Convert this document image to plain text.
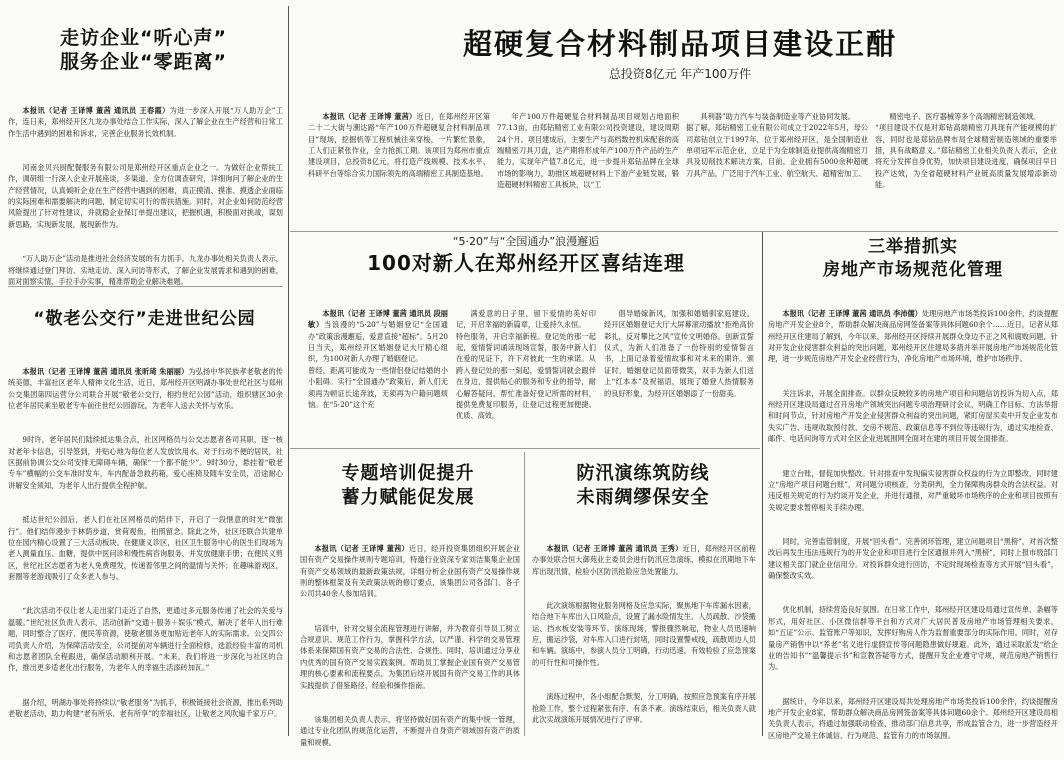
走访企业“听心声”
服务企业“零距离”

本报讯（记者 王译博 董茜 通讯员 王春霞）为进一步深入开展“万人助万企”工作，连日来，郑州经开区九龙办事处结合工作实际，深入了解企业在生产经营和日常工作生活中遇到的困难和诉求，完善企业服务长效机制。

河南金贝兴厨配餐服务有限公司是郑州经开区重点企业之一。为做好企业帮扶工作，调研组一行深入企业开展座谈，多渠道、全方位调查研究，详细询问了解企业的生产经营情况，认真倾听企业在生产经营中遇到的困难，真正摸清、摸准、摸透企业面临的实际困难和需要解决的问题，制定切实可行的帮扶措施。同时，对企业如何防范经营风险提出了针对性建议，并就稳企业保订单提出建议，把握机遇，积极面对挑战，谋划新思路，实现新发展，展现新作为。

“万人助万企”活动是推进社会经济发展的有力抓手。九龙办事处相关负责人表示，将继续通过登门拜访、实地走访、深入问访等形式，了解企业发展需求和遇到的困难，面对面察实情、手拉手办实事，精准帮助企业解决难题。

“敬老公交行”走进世纪公园

本报讯（记者 王译博 董茜 通讯员 张昕琦 朱丽丽）为弘扬中华民族孝老敬老的传统美德，丰富社区老年人精神文化生活，近日，郑州经开区明湖办事处世纪社区与郑州公交集团第四运营分公司联合开展“敬老公交行，相约世纪公园”活动，组织辖区30余位老年居民乘坐敬老专车前往世纪公园游玩，为老年人送去关怀与欢乐。

9时许，老年居民们陆续抵达集合点，社区网格员与公交志愿者各司其职，逐一核对老年卡信息，引导签到，并贴心地为每位老人发放饮用水。对于行动不便的居民，社区据前协调公交公司安排无障碍车辆，确保“一个都不能少”。9时30分，悬挂着“敬老专车”横幅的公交车准时发车，车内配备急救药箱，爱心座椅及随车安全员，沿途耐心讲解安全须知，为老年人出行提供全程护航。

抵达世纪公园后，老人们在社区网格员的陪伴下，开启了一段惬意的时光“微旅行”。他们结伴漫步于林荫步道，赏荷观鱼，拍照留念。除此之外，社区还联合共建单位在园内精心设置了三大活动板块。在健康义诊区，社区卫生服务中心的医生们现场为老人测量血压、血糖，提供中医问诊和慢性病咨询服务，并发放健康手册；在便民义剪区，世纪社区志愿者为老人免费理发，传递着邻里之间的温情与关怀；在趣味游戏区，套圈等老游戏吸引了众多老人参与。

“此次活动不仅让老人走出家门走近了自然，更通过多元服务传递了社会的关爱与温暖。”世纪社区负责人表示，活动创新“交通＋服务＋娱乐”模式，解决了老年人出行难题，同时整合了医疗、便民等资源，使敬老服务更加贴近老年人的实际需求。公交四公司负责人介绍，为保障活动安全，公司提前对车辆进行全面检修，选派经验丰富的司机和志愿者团队全程跟进，确保活动顺利开展。“未来，我们将进一步深化与社区的合作，推出更多适老化出行服务，为老年人的幸福生活添砖加瓦。”

据介绍，明湖办事处将持续以“敬老服务”为抓手，积极链接社会资源，推出系列助老敬老活动，助力构建“老有所乐、老有所享”的幸福社区，让敬老之风吹遍千家万户。

超硬复合材料制品项目建设正酣
总投资8亿元 年产100万件

本报讯（记者 王译博 董茜）近日，在郑州经开区第二十二大街与潮达路“年产100万件超硬复合材料制品项目”现场，挖掘机等工程机械往来穿梭，一片繁忙景象，工人们正紧张作业，全力抢抓工期。该项目为郑州市重点建设项目，总投资8亿元，将打造产线规模、技术水平、科研平台等综合实力国际领先的高端精密工具制造基地。

年产100万件超硬复合材料制品项目规划占地面积77.13亩，由郑钻精密工业有限公司投资建设，建设周期24个月。项目建成后，主要生产与高档数控机床配套的高端精密刀具刀盘，达产期将形成年产100万件产品的生产能力，实现年产值7.8亿元，进一步提升郑钻品牌在全球市场的影响力，助推区域超硬材料上下游产业链发展，锻造超硬材料精密工具板块，以“工

具利器”助力汽车与装备制造业等产业协同发展。
据了解，郑钻精密工业有限公司成立于2022年5月，母公司郑钻创立于1997年，位于郑州经开区，是全国制造业单项冠军示范企业，立足于为全球制造业提供高端精密刀具及切削技术解决方案，目前，企业拥有5000余种超硬刀具产品，广泛用于汽车工业、航空航天、超精密加工、

精密电子、医疗器械等多个高端精密制造领域。
“项目建设不仅是对郑钻高端精密刀具现有产能规模的扩容，同时也是郑钻品牌布局全球精密制造领域的重要举措，具有战略意义。”郑钻精密工业相关负责人表示，企业将充分发挥自身优势，加快项目建设进度，确保项目早日投产达效，为全省超硬材料产业链高质量发展增添新动能。

“5·20”与“全国通办”浪漫邂逅
100对新人在郑州经开区喜结连理

本报讯（记者 王译博 董茜 通讯员 段丽敏）当浪漫的“5·20”与婚姻登记“全国通办”政策浪漫邂逅，爱意直接“超标”。5月20日当天，郑州经开区婚姻登记大厅精心组织，为100对新人办理了婚姻登记。
曾经，距离可能成为一些情侣登记结婚的小小阻碍。实行“全国通办”政策后，新人们无须再为顿证长途奔波，无须再为户籍问题烦恼。在“5·20”这个充

满爱意的日子里，留下爱情的美好印记，开启幸福的新篇章，让爱持久永恒。
特色服务，开启幸福新程。登记处的那一起起，爱情誓词诵读现场宣誓，服务中新人们在爱的见证下，许下对彼此一生的承诺。从跨入登记处的那一刻起，爱情誓词就会跟伴在身边，提供贴心的服务和专业的指导，耐心解答疑问，帮忙准备好登记所需的材料，提供免费复印服务，让登记过程更加便捷、优质、高效。

倡导婚嫁新风，加强和婚婚驯家庭建设。经开区婚姻登记大厅大屏幕滚动播放“拒绝高价彩礼，反对攀比之风”宣传文明婚俗。创新宣誓仪式，为新人们准备了一份特别的爱情誓言书，上面记录着爱情故事和对未来的期许。颁证时，婚姻登记员面带微笑，双手为新人们送上“红本本”及祝福语，展现了婚登人热情服务的良好形象，为经开区婚姻添了一份甜美。

三举措抓实
房地产市场规范化管理

本报讯（记者 王译博 董茜 通讯员 李沛儒）处理房地产市场类投诉100余件，约谈提醒房地产开发企业8个，帮助群众解决商品房网签备案等具体问题60余个……近日，记者从郑州经开区住建局了解到，今年以来，郑州经开区持续开展群众身边不正之风和腐败问题，针对开发企业侵害群众利益的突出问题，郑州经开区住建局多措并举开展房地产市场规范化管理，进一步规范房地产开发企业经营行为，净化房地产市场环境，维护市场秩序。

关注诉求，开展全面排查。以群众反映较多的房地产项目和问题信访投诉为切入点，郑州经开区建设局通过召开房地产领域突出问题专项治理研讨会议，明确工作目标、方法举措和时间节点，针对房地产开发企业侵害群众利益的突出问题，紧盯房屋买卖中开发企业发布失实广告、违规收取预付款、交房不规范、政策信息等不到位等违规行为，通过实地检查、邮件、电话问询等方式对全区企业进展围网全面对在建的项目开展全面排查。

建立台账，督促加快整改。针对排查中发现偏实侵害群众权益的行为立即整改，同时建立“房地产项目问题台账”，对问题分项核查，分类研判，全力保障购房群众的合法权益。对违反相关规定的行为约谈开发企业，并进行通报，对严重破坏市场秩序的企业和项目按照有关规定要求暂停相关手续办理。

同时，完善监管制度，开展“回头看”。完善闭环管理，建立问题项目“黑榜”，对首次整改后再发生违法违规行为的开发企业和项目进行全区通报并列入“黑榜”，同时上报市级部门建议相关部门就企业信用分。对投诉群众进行回访，不定时现场检查等方式开展“回头看”，确保整改实效。

优化机制，持续营造良好氛围。在日常工作中，郑州经开区建设局通过宣传单、条幅等形式，用好社区、小区微信群等平台和方式对广大居民普及房地产市场管理相关要求，如“五证”公示、监管账户等知识，发挥好购房人作为监督重要部分的实际作用。同时，对存量房产销售中以“养老”名义进行虚假宣传等问题隐患做好规避。此外，通过采取派发“给企业的告知书”“温馨提示书”和宣教答疑等方式，提醒开发企业遵守守规，规范房地产销售行为。

据统计，今年以来，郑州经开区建设局共处理房地产市场类投诉100余件，约谈提醒房地产开发企业8家，帮助群众解决商品房网签备案等具体问题60余个。郑州经开区建设局相关负责人表示，将通过加强联动检查，推动部门信息共享，形成监管合力，进一步营造经开区房地产交易主体诚信、行为规范、监管有力的市场氛围。

专题培训促提升
蓄力赋能促发展

本报讯（记者 王译博 董茜）近日，经开投资集团组织开展企业国有资产交易操作规则专题培训，特邀行业资深专家刘洁集集企业国有资产交易领域的最新政策法规，详细分析企业国有资产交易操作规则的整体框架及有关政策法规的修订要点，该集团公司各部门、各子公司共40余人参加培训。

培训中，针对交易全流程管理进行讲解，并为教育引导员工树立合规意识、规范工作行为，掌握科学方法，以严谨、科学的交易管理体系来保障国有资产交易的合法性、合规性。同时，培训通过分享业内优秀的国有资产交易实践案例，帮助员工掌握企业国有资产交易管理的核心要素和流程要点，为集团后续开展国有资产交易工作的具体实践提供了借鉴路径、经验和操作指南。

该集团相关负责人表示，将坚持做好国有资产的集中统一管理，通过专业化团队的规范化运营，不断提升自身资产领域国有资产的质量和规模。

防汛演练筑防线
未雨绸缪保安全

本报讯（记者 王译博 董茜 通讯员 王秀）近日，郑州经开区前程办事处联合恒大御苑业主委员会进行防汛应急演练，模拟在汛期地下车库出现汛情，检验小区防汛抢险应急处置能力。

此次演练根据物业服务网格及应急实际，聚焦地下车库漏水因素，结合地下车库出入口风险点，设置了漏水险情发生、人员疏散、沙袋搬运、挡水板安装等环节。演练现场，警报骤然响起，物业人员迅速响应，搬运沙袋，对车库入口进行封堵，同时设置警戒线，疏散周边人员和车辆。演练中，参演人员分工明确，行动迅速，有效检验了应急预案的可行性和可操作性。

演练过程中，各小组配合默契，分工明确，按照应急预案有序开展抢险工作，整个过程紧张有序、有条不紊。演练结束后，相关负责人就此次实战演练开展情况进行了评审。
